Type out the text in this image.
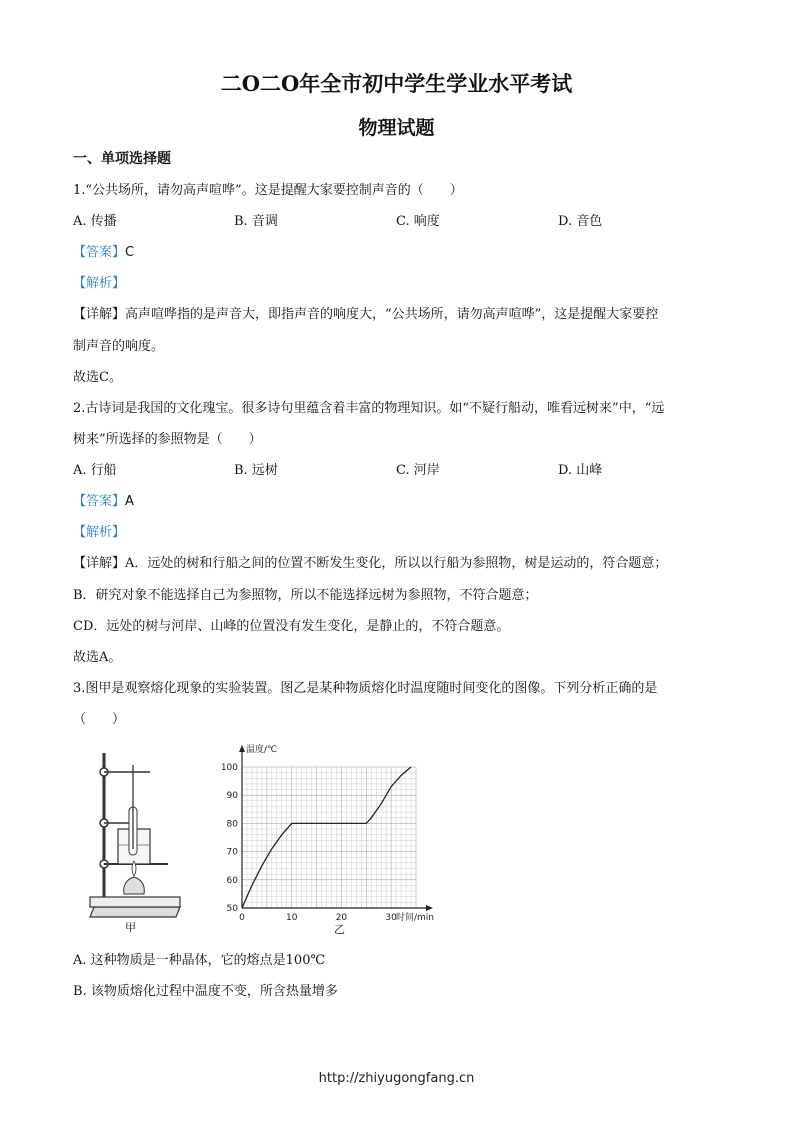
二O二O年全市初中学生学业水平考试
物理试题
一、单项选择题
1.“公共场所，请勿高声喧哗”。这是提醒大家要控制声音的（　　）
A. 传播	B. 音调	C. 响度	D. 音色
【答案】C
【解析】
【详解】高声喧哗指的是声音大，即指声音的响度大，“公共场所，请勿高声喧哗”，这是提醒大家要控
制声音的响度。
故选C。
2.古诗词是我国的文化瑰宝。很多诗句里蕴含着丰富的物理知识。如“不疑行船动，唯看远树来”中，“远
树来”所选择的参照物是（　　）
A. 行船	B. 远树	C. 河岸	D. 山峰
【答案】A
【解析】
【详解】A．远处的树和行船之间的位置不断发生变化，所以以行船为参照物，树是运动的，符合题意；
B．研究对象不能选择自己为参照物，所以不能选择远树为参照物，不符合题意；
CD．远处的树与河岸、山峰的位置没有发生变化，是静止的，不符合题意。
故选A。
3.图甲是观察熔化现象的实验装置。图乙是某种物质熔化时温度随时间变化的图像。下列分析正确的是
（　　）
甲
0	10	20	30
50
60
70
80
90
100
温度/℃
时间/min
乙
A. 这种物质是一种晶体，它的熔点是100℃
B. 该物质熔化过程中温度不变，所含热量增多
http://zhiyugongfang.cn
